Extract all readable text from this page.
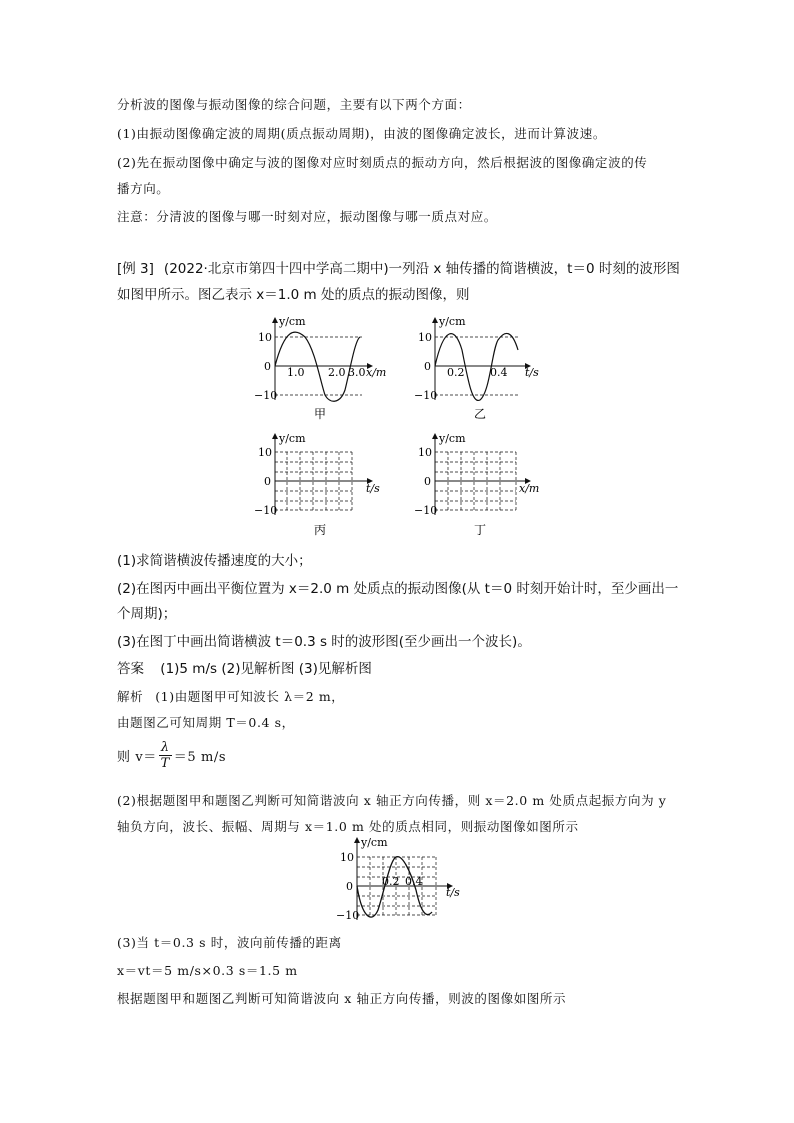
分析波的图像与振动图像的综合问题，主要有以下两个方面：
(1)由振动图像确定波的周期(质点振动周期)，由波的图像确定波长，进而计算波速。
(2)先在振动图像中确定与波的图像对应时刻质点的振动方向，然后根据波的图像确定波的传
播方向。
注意：分清波的图像与哪一时刻对应，振动图像与哪一质点对应。
[例 3] (2022·北京市第四十四中学高二期中)一列沿 x 轴传播的简谐横波，t＝0 时刻的波形图
如图甲所示。图乙表示 x＝1.0 m 处的质点的振动图像，则
y/cm
10
0
−10
1.0 2.0 3.0 x/m
甲
y/cm
10
0
−10
0.2 0.4 t/s
乙
y/cm
10
0
−10
t/s
丙
y/cm
10
0
−10
x/m
丁
(1)求简谐横波传播速度的大小；
(2)在图丙中画出平衡位置为 x＝2.0 m 处质点的振动图像(从 t＝0 时刻开始计时，至少画出一
个周期)；
(3)在图丁中画出简谐横波 t＝0.3 s 时的波形图(至少画出一个波长)。
答案 (1)5 m/s (2)见解析图 (3)见解析图
解析 (1)由题图甲可知波长 λ＝2 m，
由题图乙可知周期 T＝0.4 s，
则 $v= \frac{\lambda}{T} =5$ m/s
(2)根据题图甲和题图乙判断可知简谐波向 x 轴正方向传播，则 x＝2.0 m 处质点起振方向为 y
轴负方向，波长、振幅、周期与 x＝1.0 m 处的质点相同，则振动图像如图所示
y/cm
10
0
−10
0.2 0.4
t/s
(3)当 t＝0.3 s 时，波向前传播的距离
x＝vt＝5 m/s×0.3 s＝1.5 m
根据题图甲和题图乙判断可知简谐波向 x 轴正方向传播，则波的图像如图所示
